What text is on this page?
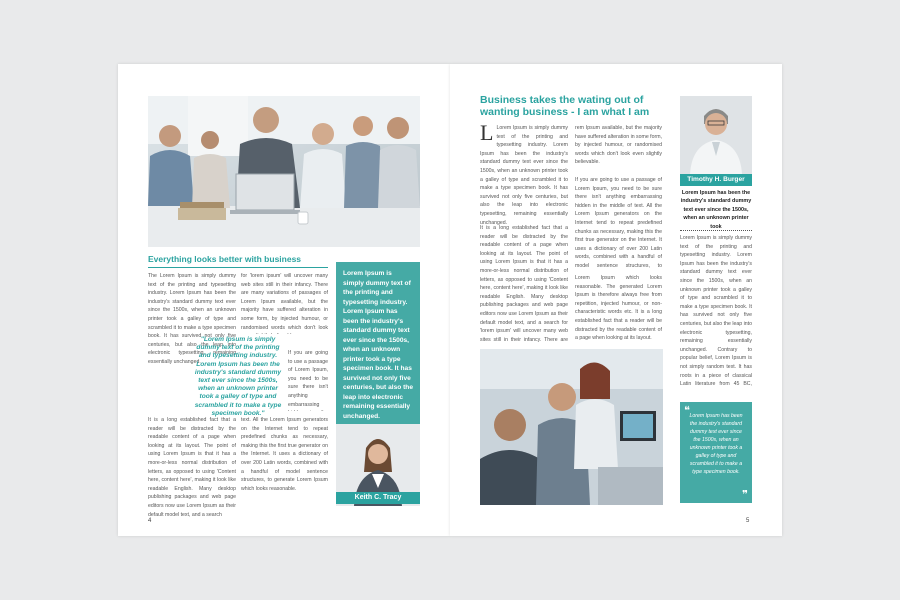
Everything looks better with business
The Lorem Ipsum is simply dummy text of the printing and typesetting industry. Lorem Ipsum has been the industry's standard dummy text ever since the 1500s, when an unknown printer took a galley of type and scrambled it to make a type specimen book. It has survived not only five centuries, but also the leap into electronic typesetting, remaining essentially unchanged.
It is a long established fact that a reader will be distracted by the readable content of a page when looking at its layout. The point of using Lorem Ipsum is that it has a more-or-less normal distribution of letters, as opposed to using 'Content here, content here', making it look like readable English. Many desktop publishing packages and web page editors now use Lorem Ipsum as their default model text, and a search
for 'lorem ipsum' will uncover many web sites still in their infancy. There are many variations of passages of Lorem Ipsum available, but the majority have suffered alteration in some form, by injected humour, or randomised words which don't look
"Lorem Ipsum is simply dummy text of the printing and typesetting industry. Lorem Ipsum has been the industry's standard dummy text ever since the 1500s, when an unknown printer took a galley of type and scrambled it to make a type specimen book."
If you are going to use a passage of Lorem Ipsum, you need to be sure there isn't anything embarrassing
text. All the Lorem Ipsum generators on the Internet tend to repeat predefined chunks as necessary, making this the first true generator on the Internet. It uses a dictionary of over 200 Latin words, combined with a handful of model sentence structures, to generate Lorem Ipsum which looks reasonable.
Lorem Ipsum is simply dummy text of the printing and typesetting industry. Lorem Ipsum has been the industry's standard dummy text ever since the 1500s, when an unknown printer took a type specimen book. It has survived not only five centuries, but also the leap into electronic remaining essentially unchanged.
Keith C. Tracy
4
Business takes the wating out of wanting business - I am what I am
L Lorem Ipsum is simply dummy text of the printing and typesetting industry. Lorem Ipsum has been the industry's standard dummy text ever since the 1500s, when an unknown printer took a galley of type and scrambled it to make a type specimen book. It has survived not only five centuries, but also the leap into electronic typesetting, remaining essentially unchanged.
It is a long established fact that a reader will be distracted by the readable content of a page when looking at its layout. The point of using Lorem Ipsum is that it has a more-or-less normal distribution of letters, as opposed to using 'Content here, content here', making it look like readable English. Many desktop publishing packages and web page editors now use Lorem Ipsum as their default model text, and a search for 'lorem ipsum' will uncover many web sites still in their infancy. There are
rem Ipsum available, but the majority have suffered alteration in some form, by injected humour, or randomised words which don't look even slightly believable.
If you are going to use a passage of Lorem Ipsum, you need to be sure there isn't anything embarrassing hidden in the middle of text. All the Lorem Ipsum generators on the Internet tend to repeat predefined chunks as necessary, making this the first true generator on the Internet. It uses a dictionary of over 200 Latin words, combined with a handful of model sentence structures, to
Lorem Ipsum which looks reasonable. The generated Lorem Ipsum is therefore always free from repetition, injected humour, or non-characteristic words etc. It is a long established fact that a reader will be distracted by the readable content of a page when looking at its layout.
Timothy H. Burger
Lorem Ipsum has been the industry's standard dummy text ever since the 1500s, when an unknown printer took
Lorem Ipsum is simply dummy text of the printing and typesetting industry. Lorem Ipsum has been the industry's standard dummy text ever since the 1500s, when an unknown printer took a galley of type and scrambled it to make a type specimen book. It has survived not only five centuries, but also the leap into electronic typesetting, remaining essentially unchanged. Contrary to popular belief, Lorem Ipsum is not simply random text. It has roots in a piece of classical Latin literature from 45 BC,
❝ Lorem Ipsum has been the industry's standard dummy text ever since the 1500s, when an unknown printer took a galley of type and scrambled it to make a type specimen book.
❞
5
